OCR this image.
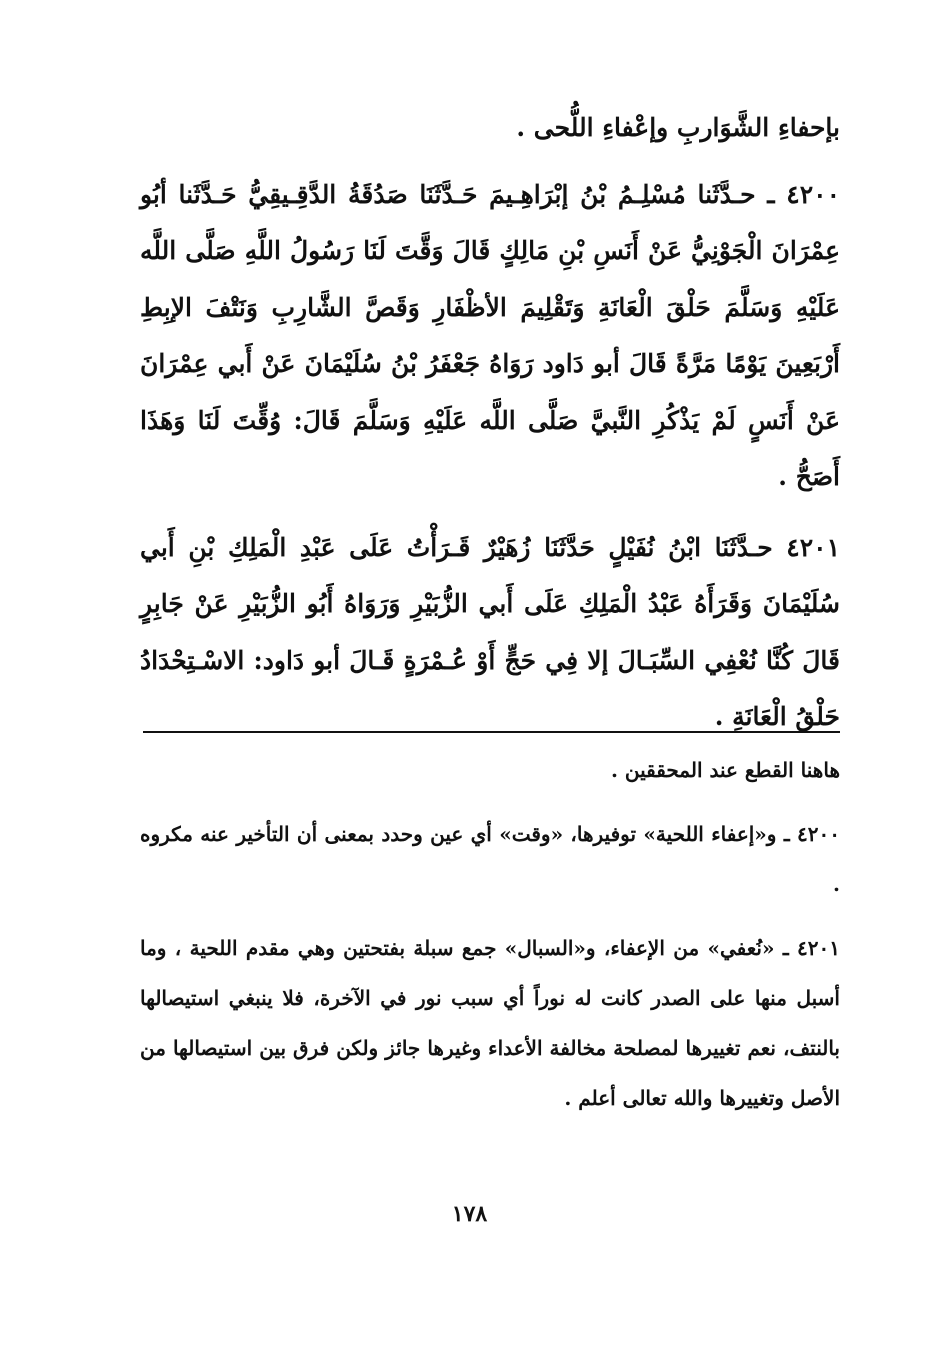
بإحفاءِ الشَّوَاربِ وإعْفاءِ اللُّحى .

٤٢٠٠ ـ حـدَّثَنا مُسْلِـمُ بْنُ إبْرَاهِـيمَ حَـدَّثَنَا صَدُقَةُ الدَّقِـيقِيُّ حَـدَّثَنا أبُو عِمْرَانَ الْجَوْنِيُّ عَنْ أَنَسِ بْنِ مَالِكٍ قَالَ وَقَّتَ لَنَا رَسُولُ اللَّهِ صَلَّى اللَّه عَلَيْهِ وَسَلَّمَ حَلْقَ الْعَانَةِ وَتَقْلِيمَ الأظْفَارِ وَقَصَّ الشَّارِبِ وَنَتْفَ الإبِطِ أَرْبَعِينَ يَوْمًا مَرَّةً قَالَ أبو دَاود رَوَاهُ جَعْفَرُ بْنُ سُلَيْمَانَ عَنْ أَبي عِمْرَانَ عَنْ أَنَسٍ لَمْ يَذْكُرِ النَّبيَّ صَلَّى اللَّه عَلَيْهِ وَسَلَّمَ قَالَ: وُقِّتَ لَنَا وَهَذَا أَصَحُّ .

٤٢٠١ حـدَّثَنَا ابْنُ نُفَيْلٍ حَدَّثَنَا زُهَيْرٌ قَـرَأْتُ عَلَى عَبْدِ الْمَلِكِ بْنِ أَبي سُلَيْمَانَ وَقَرَأَهُ عَبْدُ الْمَلِكِ عَلَى أَبي الزُّبَيْرِ وَرَوَاهُ أَبُو الزُّبَيْرِ عَنْ جَابِرٍ قَالَ كُنَّا نُعْفِي السِّبَـالَ إلا فِي حَجٍّ أَوْ عُـمْرَةٍ قَـالَ أبو دَاود: الاسْـتِحْدَادُ حَلْقُ الْعَانَةِ .

هاهنا القطع عند المحققين .

٤٢٠٠ ـ و«إعفاء اللحية» توفيرها، «وقت» أي عين وحدد بمعنى أن التأخير عنه مكروه .

٤٢٠١ ـ «نُعفي» من الإعفاء، و«السبال» جمع سبلة بفتحتين وهي مقدم اللحية ، وما أسبل منها على الصدر كانت له نوراً أي سبب نور في الآخرة، فلا ينبغي استيصالها بالنتف، نعم تغييرها لمصلحة مخالفة الأعداء وغيرها جائز ولكن فرق بين استيصالها من الأصل وتغييرها والله تعالى أعلم .

١٧٨
